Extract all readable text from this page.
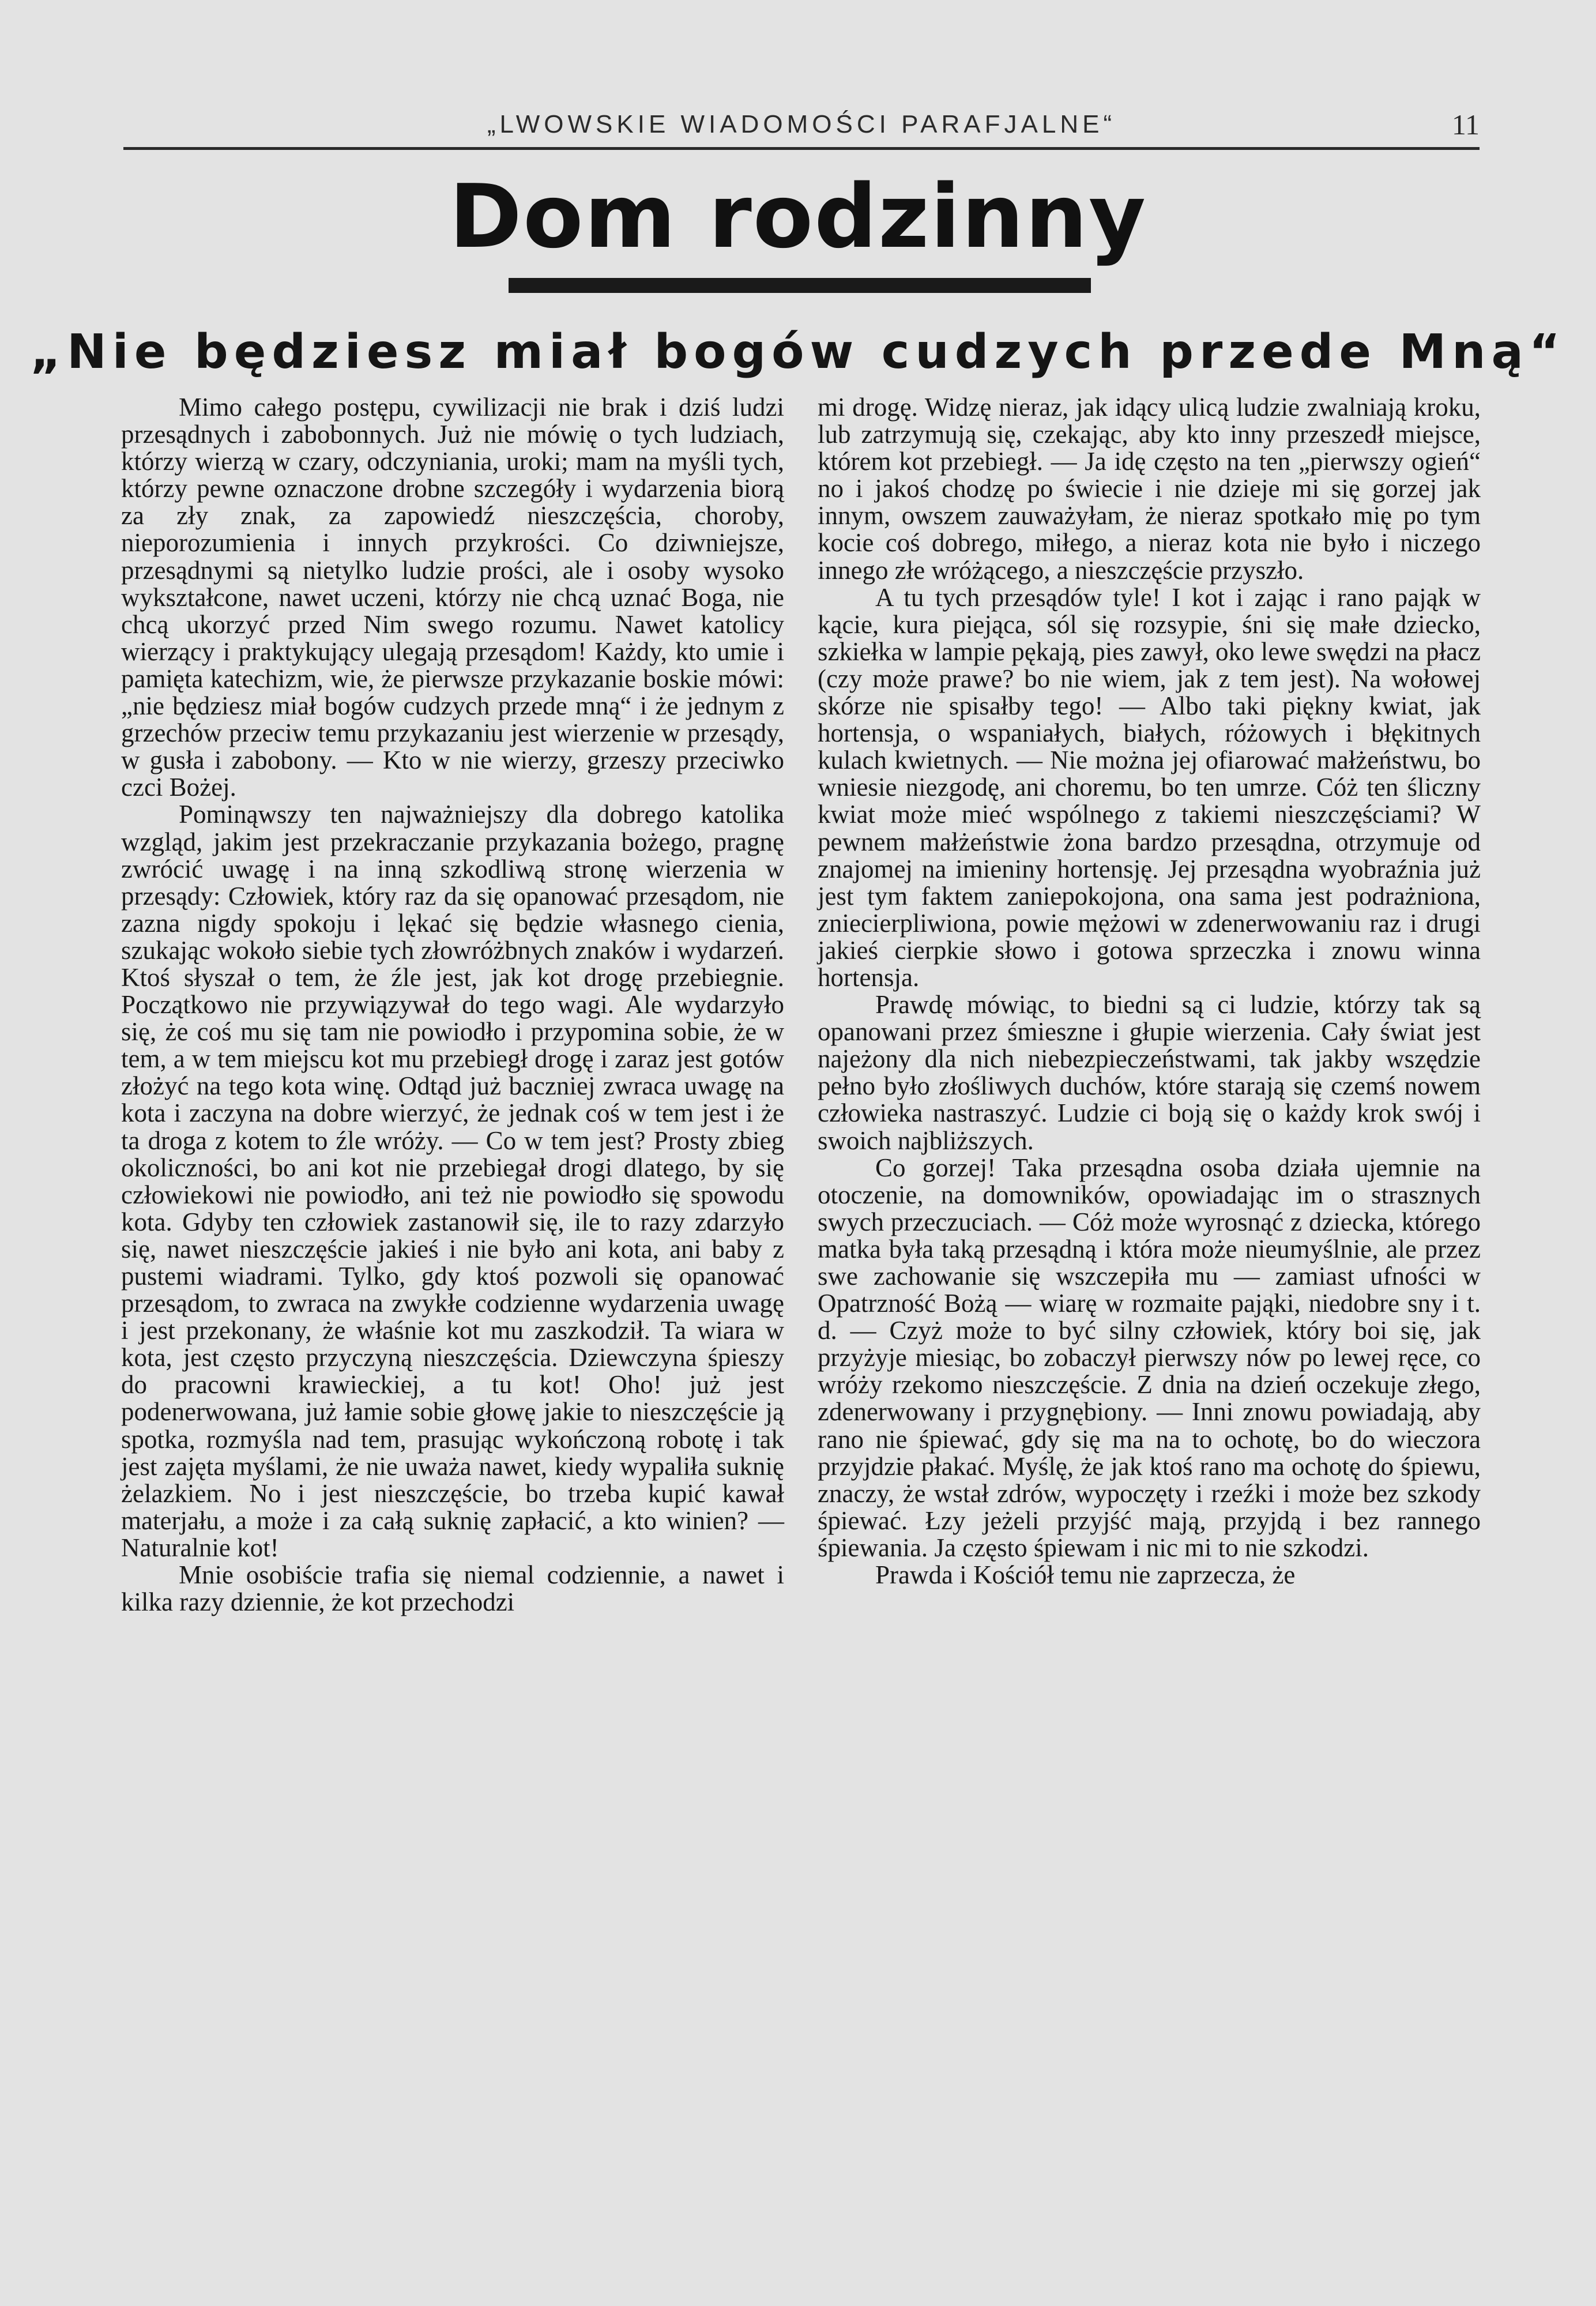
„LWOWSKIE WIADOMOŚCI PARAFJALNE“	11
Dom rodzinny
„Nie będziesz miał bogów cudzych przede Mną“

Mimo całego postępu, cywilizacji nie brak i dziś ludzi przesądnych i zabobonnych. Już nie mówię o tych ludziach, którzy wierzą w czary, odczyniania, uroki; mam na myśli tych, którzy pewne oznaczone drobne szczegóły i wydarzenia biorą za zły znak, za zapowiedź nieszczęścia, choroby, nieporozumienia i innych przykrości. Co dziwniejsze, przesądnymi są nietylko ludzie prości, ale i osoby wysoko wykształcone, nawet uczeni, którzy nie chcą uznać Boga, nie chcą ukorzyć przed Nim swego rozumu. Nawet katolicy wierzący i praktykujący ulegają przesądom! Każdy, kto umie i pamięta katechizm, wie, że pierwsze przykazanie boskie mówi: „nie będziesz miał bogów cudzych przede mną“ i że jednym z grzechów przeciw temu przykazaniu jest wierzenie w przesądy, w gusła i zabobony. — Kto w nie wierzy, grzeszy przeciwko czci Bożej.

Pominąwszy ten najważniejszy dla dobrego katolika wzgląd, jakim jest przekraczanie przykazania bożego, pragnę zwrócić uwagę i na inną szkodliwą stronę wierzenia w przesądy: Człowiek, który raz da się opanować przesądom, nie zazna nigdy spokoju i lękać się będzie własnego cienia, szukając wokoło siebie tych złowróżbnych znaków i wydarzeń. Ktoś słyszał o tem, że źle jest, jak kot drogę przebiegnie. Początkowo nie przywiązywał do tego wagi. Ale wydarzyło się, że coś mu się tam nie powiodło i przypomina sobie, że w tem, a w tem miejscu kot mu przebiegł drogę i zaraz jest gotów złożyć na tego kota winę. Odtąd już baczniej zwraca uwagę na kota i zaczyna na dobre wierzyć, że jednak coś w tem jest i że ta droga z kotem to źle wróży. — Co w tem jest? Prosty zbieg okoliczności, bo ani kot nie przebiegał drogi dlatego, by się człowiekowi nie powiodło, ani też nie powiodło się spowodu kota. Gdyby ten człowiek zastanowił się, ile to razy zdarzyło się, nawet nieszczęście jakieś i nie było ani kota, ani baby z pustemi wiadrami. Tylko, gdy ktoś pozwoli się opanować przesądom, to zwraca na zwykłe codzienne wydarzenia uwagę i jest przekonany, że właśnie kot mu zaszkodził. Ta wiara w kota, jest często przyczyną nieszczęścia. Dziewczyna śpieszy do pracowni krawieckiej, a tu kot! Oho! już jest podenerwowana, już łamie sobie głowę jakie to nieszczęście ją spotka, rozmyśla nad tem, prasując wykończoną robotę i tak jest zajęta myślami, że nie uważa nawet, kiedy wypaliła suknię żelazkiem. No i jest nieszczęście, bo trzeba kupić kawał materjału, a może i za całą suknię zapłacić, a kto winien? — Naturalnie kot!

Mnie osobiście trafia się niemal codziennie, a nawet i kilka razy dziennie, że kot przechodzi

mi drogę. Widzę nieraz, jak idący ulicą ludzie zwalniają kroku, lub zatrzymują się, czekając, aby kto inny przeszedł miejsce, którem kot przebiegł. — Ja idę często na ten „pierwszy ogień“ no i jakoś chodzę po świecie i nie dzieje mi się gorzej jak innym, owszem zauważyłam, że nieraz spotkało mię po tym kocie coś dobrego, miłego, a nieraz kota nie było i niczego innego złe wróżącego, a nieszczęście przyszło.

A tu tych przesądów tyle! I kot i zając i rano pająk w kącie, kura piejąca, sól się rozsypie, śni się małe dziecko, szkiełka w lampie pękają, pies zawył, oko lewe swędzi na płacz (czy może prawe? bo nie wiem, jak z tem jest). Na wołowej skórze nie spisałby tego! — Albo taki piękny kwiat, jak hortensja, o wspaniałych, białych, różowych i błękitnych kulach kwietnych. — Nie można jej ofiarować małżeństwu, bo wniesie niezgodę, ani choremu, bo ten umrze. Cóż ten śliczny kwiat może mieć wspólnego z takiemi nieszczęściami? W pewnem małżeństwie żona bardzo przesądna, otrzymuje od znajomej na imieniny hortensję. Jej przesądna wyobraźnia już jest tym faktem zaniepokojona, ona sama jest podrażniona, zniecierpliwiona, powie mężowi w zdenerwowaniu raz i drugi jakieś cierpkie słowo i gotowa sprzeczka i znowu winna hortensja.

Prawdę mówiąc, to biedni są ci ludzie, którzy tak są opanowani przez śmieszne i głupie wierzenia. Cały świat jest najeżony dla nich niebezpieczeństwami, tak jakby wszędzie pełno było złośliwych duchów, które starają się czemś nowem człowieka nastraszyć. Ludzie ci boją się o każdy krok swój i swoich najbliższych.

Co gorzej! Taka przesądna osoba działa ujemnie na otoczenie, na domowników, opowiadając im o strasznych swych przeczuciach. — Cóż może wyrosnąć z dziecka, którego matka była taką przesądną i która może nieumyślnie, ale przez swe zachowanie się wszczepiła mu — zamiast ufności w Opatrzność Bożą — wiarę w rozmaite pająki, niedobre sny i t. d. — Czyż może to być silny człowiek, który boi się, jak przyżyje miesiąc, bo zobaczył pierwszy nów po lewej ręce, co wróży rzekomo nieszczęście. Z dnia na dzień oczekuje złego, zdenerwowany i przygnębiony. — Inni znowu powiadają, aby rano nie śpiewać, gdy się ma na to ochotę, bo do wieczora przyjdzie płakać. Myślę, że jak ktoś rano ma ochotę do śpiewu, znaczy, że wstał zdrów, wypoczęty i rzeźki i może bez szkody śpiewać. Łzy jeżeli przyjść mają, przyjdą i bez rannego śpiewania. Ja często śpiewam i nic mi to nie szkodzi.

Prawda i Kościół temu nie zaprzecza, że
